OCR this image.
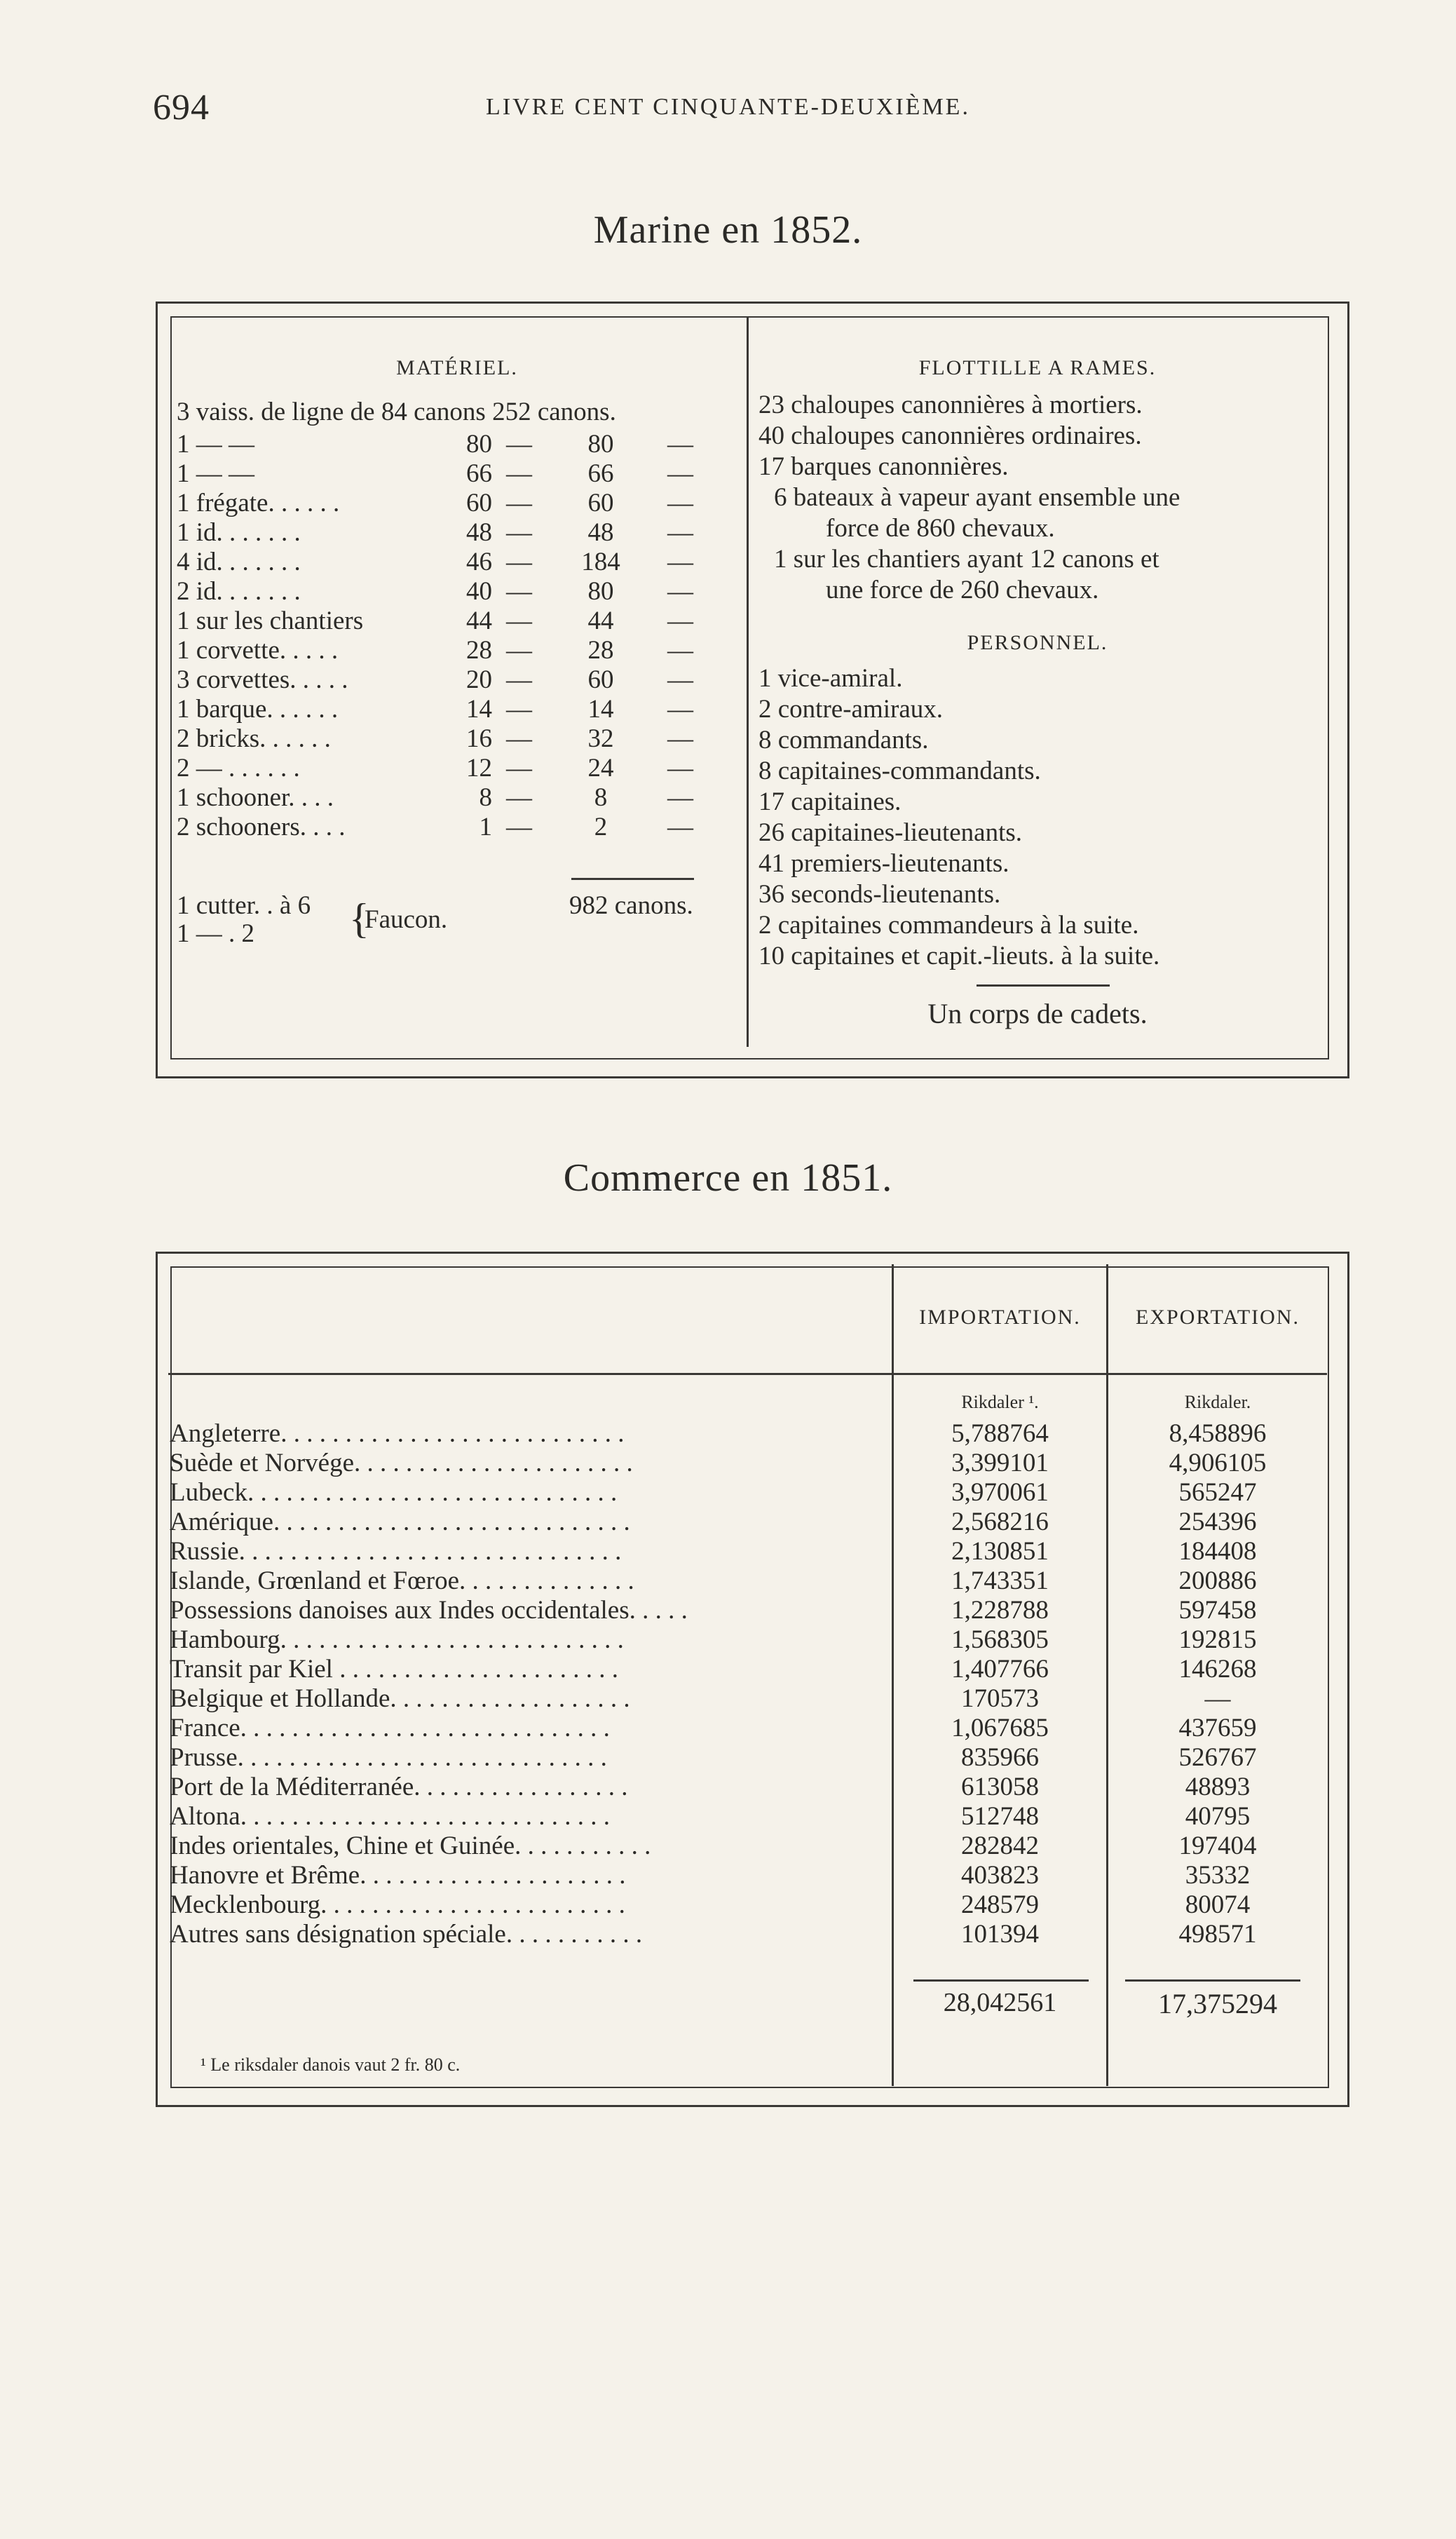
694	LIVRE CENT CINQUANTE-DEUXIÈME.
Marine en 1852.
MATÉRIEL.
3 vaiss. de ligne de 84 canons 252 canons.
1 — —	80 —	80	—
1 — —	66 —	66	—
1 frégate. . . . . .	60 —	60	—
1 id. . . . . . .	48 —	48	—
4 id. . . . . . .	46 —	184	—
2 id. . . . . . .	40 —	80	—
1 sur les chantiers	44 —	44	—
1 corvette. . . . .	28 —	28	—
3 corvettes. . . . .	20 —	60	—
1 barque. . . . . .	14 —	14	—
2 bricks. . . . . .	16 —	32	—
2 — . . . . . .	12 —	24	—
1 schooner. . . .	8 —	8	—
2 schooners. . . .	1 —	2	—
1 cutter. . à 6
1 — . 2 {
Faucon.	982 canons.
FLOTTILLE A RAMES.
23 chaloupes canonnières à mortiers.
40 chaloupes canonnières ordinaires.
17 barques canonnières.
6 bateaux à vapeur ayant ensemble une
force de 860 chevaux.
1 sur les chantiers ayant 12 canons et
une force de 260 chevaux.
PERSONNEL.
1 vice-amiral.
2 contre-amiraux.
8 commandants.
8 capitaines-commandants.
17 capitaines.
26 capitaines-lieutenants.
41 premiers-lieutenants.
36 seconds-lieutenants.
2 capitaines commandeurs à la suite.
10 capitaines et capit.-lieuts. à la suite.
Un corps de cadets.
Commerce en 1851.
IMPORTATION.	EXPORTATION.
Rikdaler ¹.	Rikdaler.
Angleterre. . . . . . . . . . . . . . . . . . . . . . . . . . .	5,788764	8,458896
Suède et Norvége. . . . . . . . . . . . . . . . . . . . . .	3,399101	4,906105
Lubeck. . . . . . . . . . . . . . . . . . . . . . . . . . . . .	3,970061	565247
Amérique. . . . . . . . . . . . . . . . . . . . . . . . . . . .	2,568216	254396
Russie. . . . . . . . . . . . . . . . . . . . . . . . . . . . . .	2,130851	184408
Islande, Grœnland et Fœroe. . . . . . . . . . . . . .	1,743351	200886
Possessions danoises aux Indes occidentales. . . . .	1,228788	597458
Hambourg. . . . . . . . . . . . . . . . . . . . . . . . . . .	1,568305	192815
Transit par Kiel . . . . . . . . . . . . . . . . . . . . . .	1,407766	146268
Belgique et Hollande. . . . . . . . . . . . . . . . . . .	170573	—
France. . . . . . . . . . . . . . . . . . . . . . . . . . . . .	1,067685	437659
Prusse. . . . . . . . . . . . . . . . . . . . . . . . . . . . .	835966	526767
Port de la Méditerranée. . . . . . . . . . . . . . . . .	613058	48893
Altona. . . . . . . . . . . . . . . . . . . . . . . . . . . . .	512748	40795
Indes orientales, Chine et Guinée. . . . . . . . . . .	282842	197404
Hanovre et Brême. . . . . . . . . . . . . . . . . . . . .	403823	35332
Mecklenbourg. . . . . . . . . . . . . . . . . . . . . . . .	248579	80074
Autres sans désignation spéciale. . . . . . . . . . .	101394	498571
28,042561	17,375294
¹ Le riksdaler danois vaut 2 fr. 80 c.
